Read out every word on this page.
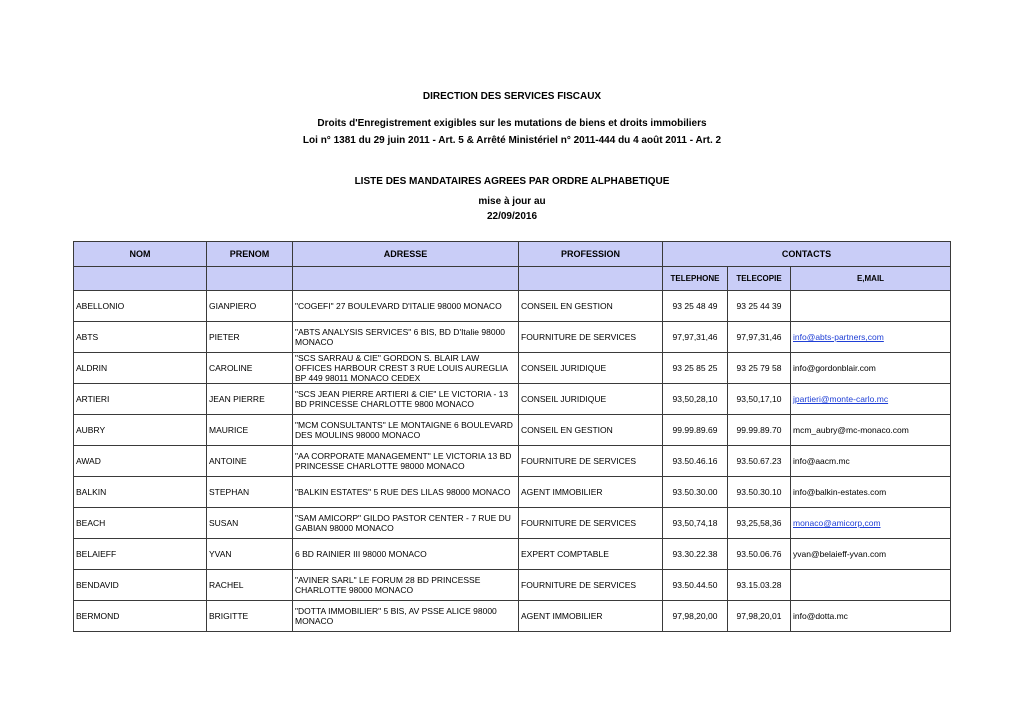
DIRECTION DES SERVICES FISCAUX
Droits d'Enregistrement exigibles sur les mutations de biens et droits immobiliers
Loi n° 1381 du 29 juin 2011 - Art. 5 & Arrêté Ministériel n° 2011-444 du 4 août 2011 - Art. 2
LISTE DES MANDATAIRES AGREES PAR ORDRE ALPHABETIQUE
mise à jour au
22/09/2016
NOM	PRENOM	ADRESSE	PROFESSION	CONTACTS		
				TELEPHONE	TELECOPIE	E,MAIL
ABELLONIO	GIANPIERO	"COGEFI" 27 BOULEVARD D'ITALIE 98000 MONACO	CONSEIL EN GESTION	93 25 48 49	93 25 44 39	
ABTS	PIETER	"ABTS ANALYSIS SERVICES" 6 BIS, BD D'Italie 98000 MONACO	FOURNITURE DE SERVICES	97,97,31,46	97,97,31,46	info@abts-partners,com
ALDRIN	CAROLINE	"SCS SARRAU & CIE" GORDON S. BLAIR LAW OFFICES HARBOUR CREST 3 RUE LOUIS AUREGLIA BP 449 98011 MONACO CEDEX	CONSEIL JURIDIQUE	93 25 85 25	93 25 79 58	info@gordonblair.com
ARTIERI	JEAN PIERRE	"SCS JEAN PIERRE ARTIERI & CIE" LE VICTORIA - 13 BD PRINCESSE CHARLOTTE 9800 MONACO	CONSEIL JURIDIQUE	93,50,28,10	93,50,17,10	jpartieri@monte-carlo.mc
AUBRY	MAURICE	"MCM CONSULTANTS" LE MONTAIGNE 6 BOULEVARD DES MOULINS 98000 MONACO	CONSEIL EN GESTION	99.99.89.69	99.99.89.70	mcm_aubry@mc-monaco.com
AWAD	ANTOINE	"AA CORPORATE MANAGEMENT" LE VICTORIA 13 BD PRINCESSE CHARLOTTE 98000 MONACO	FOURNITURE DE SERVICES	93.50.46.16	93.50.67.23	info@aacm.mc
BALKIN	STEPHAN	"BALKIN ESTATES" 5 RUE DES LILAS 98000 MONACO	AGENT IMMOBILIER	93.50.30.00	93.50.30.10	info@balkin-estates.com
BEACH	SUSAN	"SAM AMICORP" GILDO PASTOR CENTER - 7 RUE DU GABIAN 98000 MONACO	FOURNITURE DE SERVICES	93,50,74,18	93,25,58,36	monaco@amicorp,com
BELAIEFF	YVAN	6 BD RAINIER III 98000 MONACO	EXPERT COMPTABLE	93.30.22.38	93.50.06.76	yvan@belaieff-yvan.com
BENDAVID	RACHEL	"AVINER SARL" LE FORUM 28 BD PRINCESSE CHARLOTTE 98000 MONACO	FOURNITURE DE SERVICES	93.50.44.50	93.15.03.28	
BERMOND	BRIGITTE	"DOTTA IMMOBILIER" 5 BIS, AV PSSE ALICE 98000 MONACO	AGENT IMMOBILIER	97,98,20,00	97,98,20,01	info@dotta.mc
